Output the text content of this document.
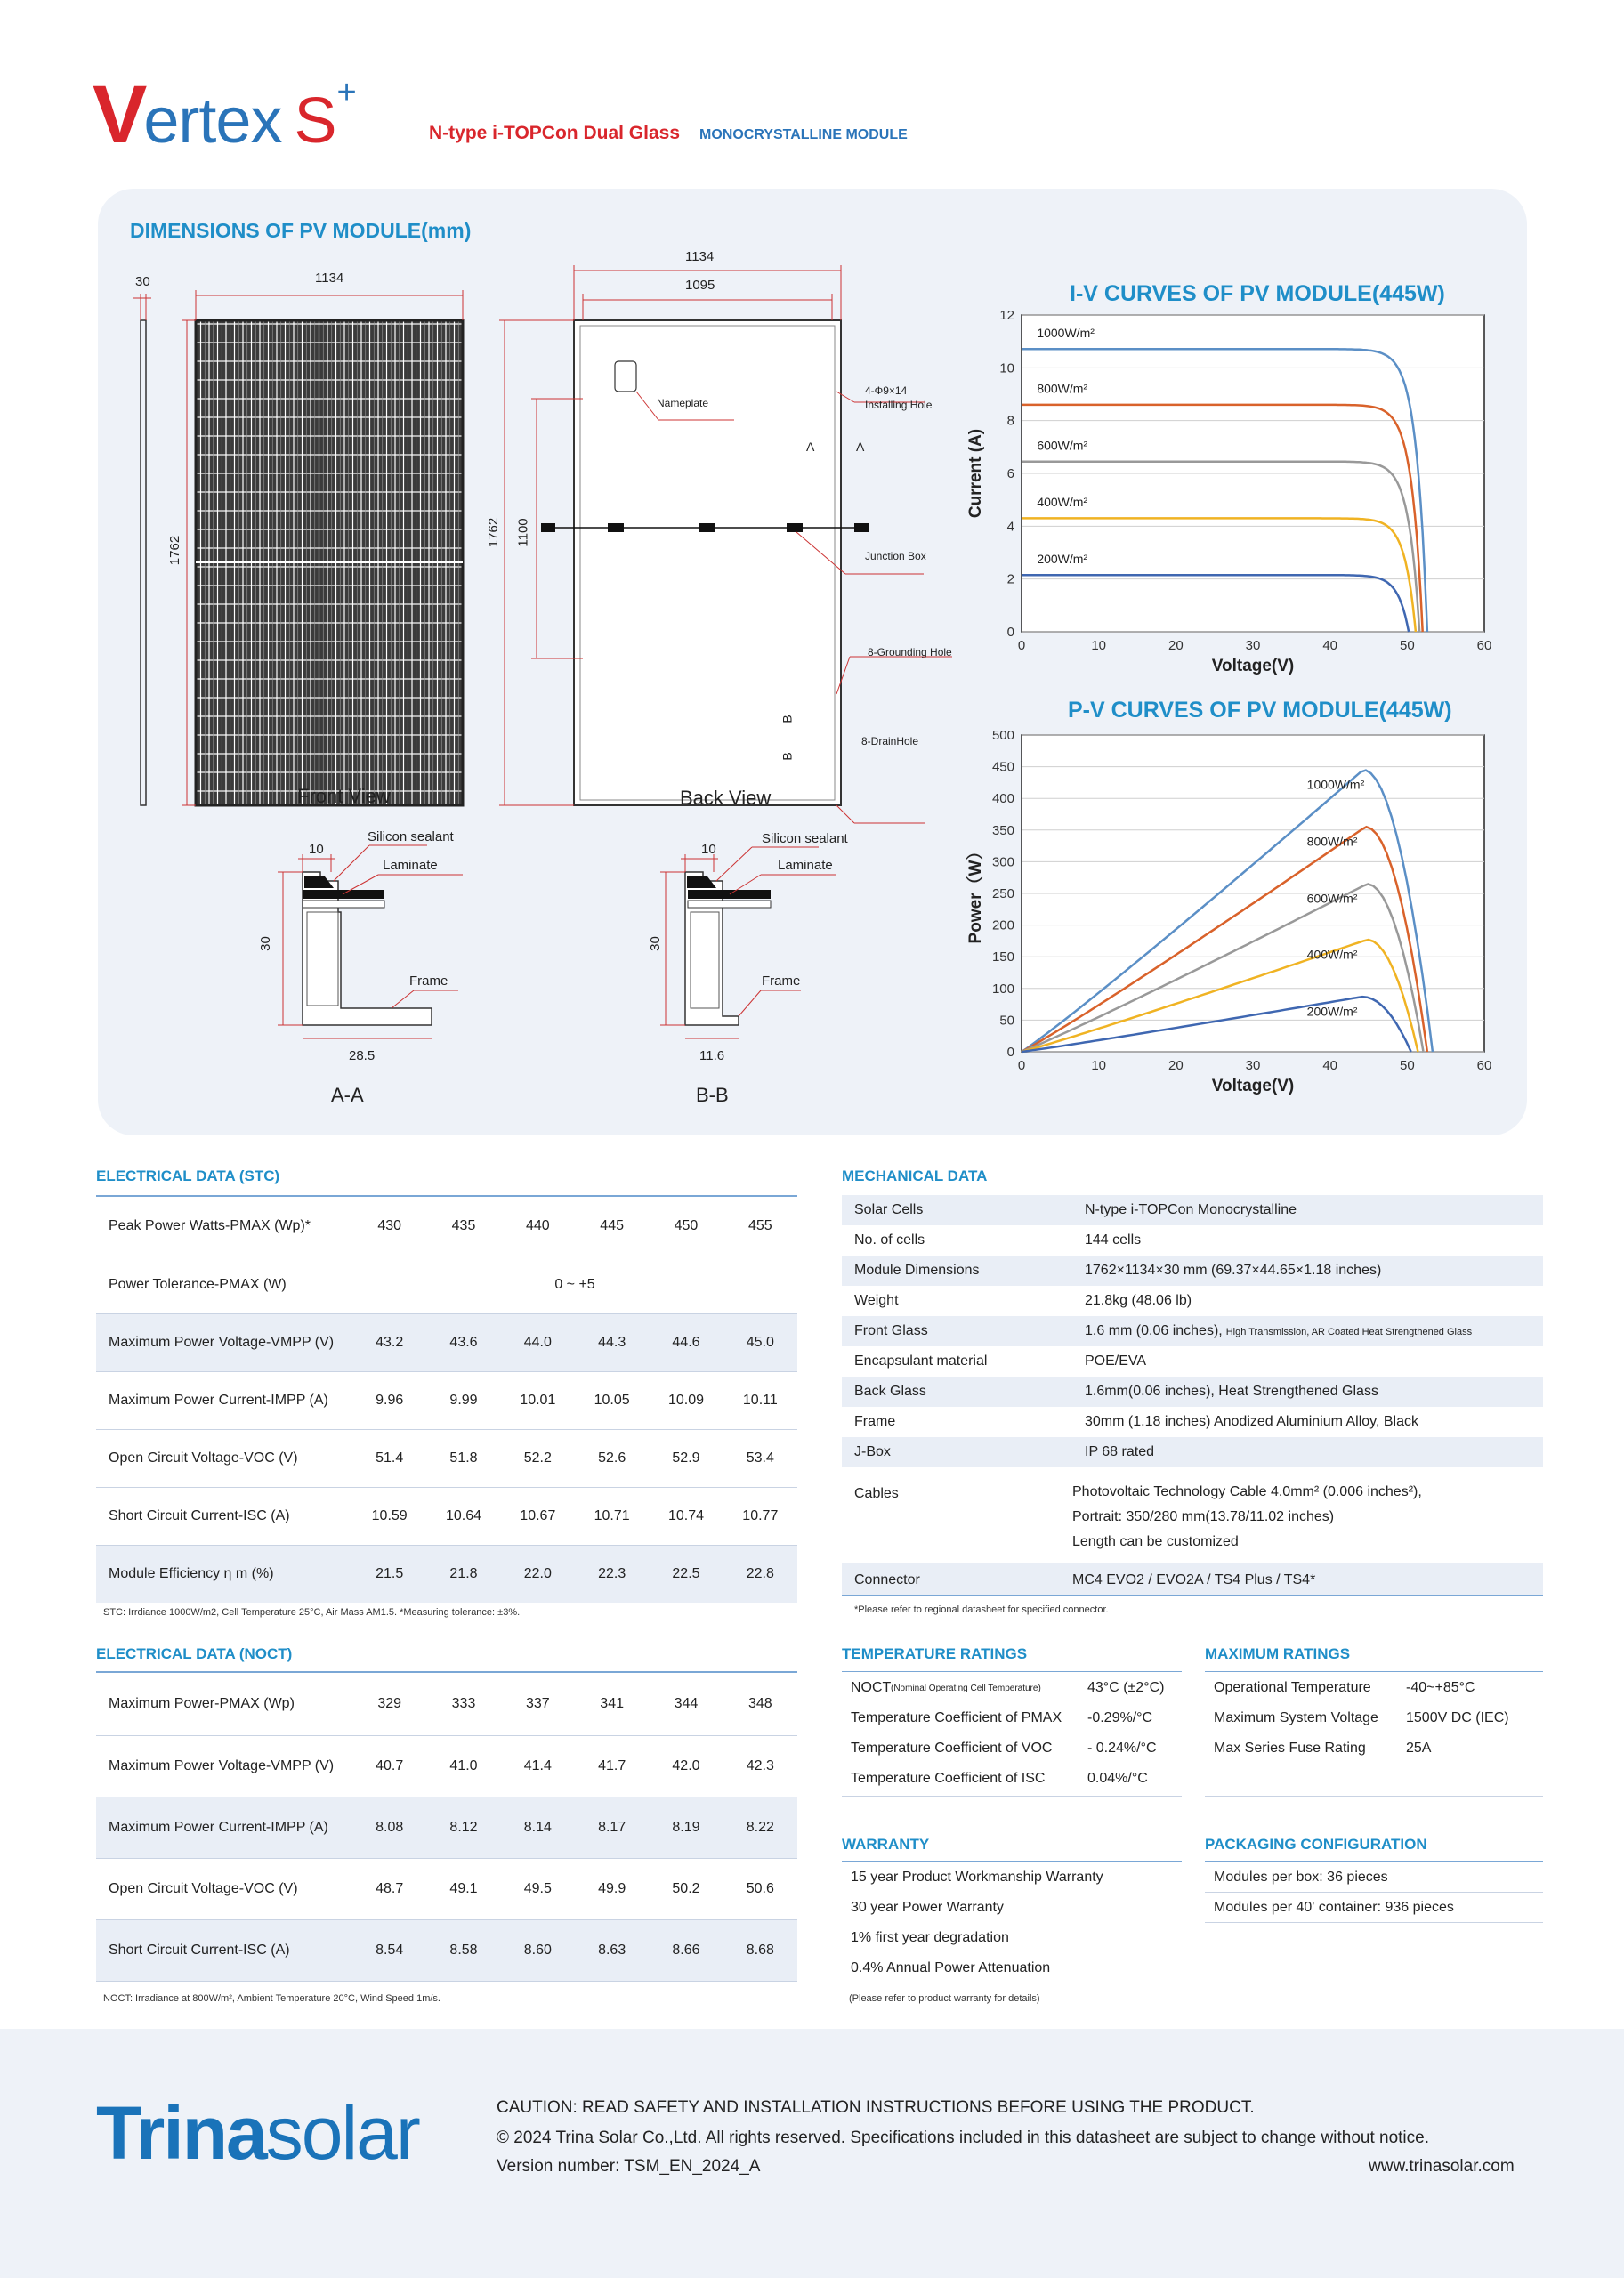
Vertex S+
N-type i-TOPCon Dual Glass MONOCRYSTALLINE MODULE
DIMENSIONS OF PV MODULE(mm)
30	1134
1762
1134
1095
1762 1100
Nameplate
4-Φ9×14
Installing Hole
Junction Box
8-Grounding Hole
8-DrainHole
A	A
B
B
Front View	Back View
A-A	B-B
10
30
28.5
10
30
11.6
Silicon sealant
Laminate
Frame
Silicon sealant
Laminate
Frame
I-V CURVES OF PV MODULE(445W)
0
2
4
6
8
10
12
0	10	20	30	40	50	60
Voltage(V)
Current (A)
1000W/m²
800W/m²
600W/m²
400W/m²
200W/m²
P-V CURVES OF PV MODULE(445W)
0
50
100
150
200
250
300
350
400
450
500
0	10	20	30	40	50	60
Voltage(V)
Power（W）
1000W/m²
800W/m²
600W/m²
400W/m²
200W/m²
ELECTRICAL DATA (STC)
Peak Power Watts-PMAX (Wp)*	430	435	440	445	450	455
Power Tolerance-PMAX (W)	0 ~ +5					
Maximum Power Voltage-VMPP (V)	43.2	43.6	44.0	44.3	44.6	45.0
Maximum Power Current-IMPP (A)	9.96	9.99	10.01	10.05	10.09	10.11
Open Circuit Voltage-VOC (V)	51.4	51.8	52.2	52.6	52.9	53.4
Short Circuit Current-ISC (A)	10.59	10.64	10.67	10.71	10.74	10.77
Module Efficiency η m (%)	21.5	21.8	22.0	22.3	22.5	22.8
STC: Irrdiance 1000W/m2, Cell Temperature 25°C, Air Mass AM1.5. *Measuring tolerance: ±3%.
ELECTRICAL DATA (NOCT)
Maximum Power-PMAX (Wp)	329	333	337	341	344	348
Maximum Power Voltage-VMPP (V)	40.7	41.0	41.4	41.7	42.0	42.3
Maximum Power Current-IMPP (A)	8.08	8.12	8.14	8.17	8.19	8.22
Open Circuit Voltage-VOC (V)	48.7	49.1	49.5	49.9	50.2	50.6
Short Circuit Current-ISC (A)	8.54	8.58	8.60	8.63	8.66	8.68
NOCT: Irradiance at 800W/m², Ambient Temperature 20°C, Wind Speed 1m/s.
MECHANICAL DATA
Solar Cells	N-type i-TOPCon Monocrystalline
No. of cells	144 cells
Module Dimensions	1762×1134×30 mm (69.37×44.65×1.18 inches)
Weight	21.8kg (48.06 lb)
Front Glass	1.6 mm (0.06 inches), High Transmission, AR Coated Heat Strengthened Glass
Encapsulant material	POE/EVA
Back Glass	1.6mm(0.06 inches), Heat Strengthened Glass
Frame	30mm (1.18 inches) Anodized Aluminium Alloy, Black
J-Box	IP 68 rated
Cables	Photovoltaic Technology Cable 4.0mm² (0.006 inches²),
Portrait: 350/280 mm(13.78/11.02 inches)
Length can be customized
Connector	MC4 EVO2 / EVO2A / TS4 Plus / TS4*
*Please refer to regional datasheet for specified connector.
TEMPERATURE RATINGS
NOCT (Nominal Operating Cell Temperature)	43°C (±2°C)
Temperature Coefficient of PMAX -0.29%/°C
Temperature Coefficient of VOC - 0.24%/°C
Temperature Coefficient of ISC	0.04%/°C
MAXIMUM RATINGS
Operational Temperature -40~+85°C
Maximum System Voltage 1500V DC (IEC)
Max Series Fuse Rating	25A
WARRANTY
15 year Product Workmanship Warranty
30 year Power Warranty
1% first year degradation
0.4% Annual Power Attenuation
(Please refer to product warranty for details)
PACKAGING CONFIGURATION
Modules per box: 36 pieces
Modules per 40' container: 936 pieces
Trinasolar	CAUTION: READ SAFETY AND INSTALLATION INSTRUCTIONS BEFORE USING THE PRODUCT.
© 2024 Trina Solar Co.,Ltd. All rights reserved. Specifications included in this datasheet are subject to change without notice.
Version number: TSM_EN_2024_A	www.trinasolar.com
